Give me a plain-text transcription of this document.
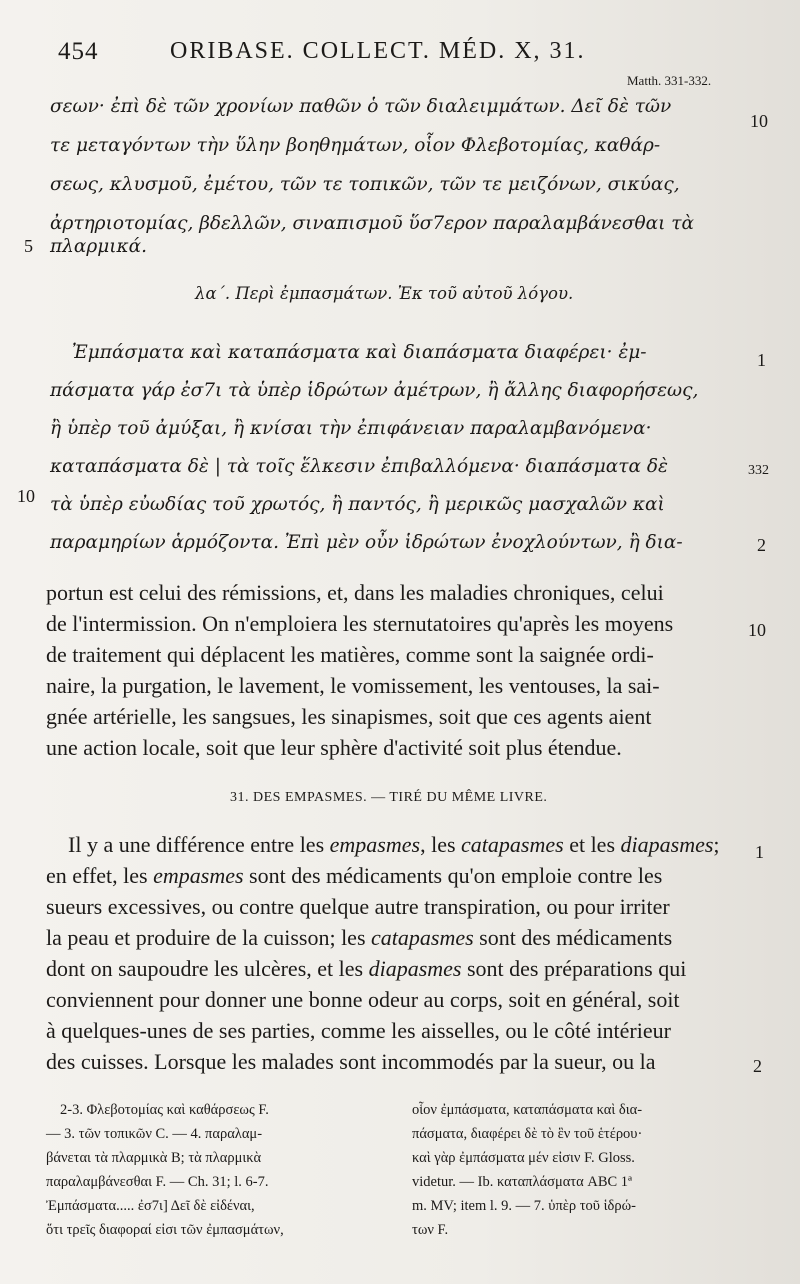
454	ORIBASE. COLLECT. MÉD. X, 31.
Matth. 331-332.
σεων· ἐπὶ δὲ τῶν χρονίων παθῶν ὁ τῶν διαλειμμάτων. Δεῖ δὲ τῶν
τε μεταγόντων τὴν ὕλην βοηθημάτων, οἷον Φλεβοτομίας, καθάρ-
σεως, κλυσμοῦ, ἐμέτου, τῶν τε τοπικῶν, τῶν τε μειζόνων, σικύας,
ἀρτηριοτομίας, βδελλῶν, σιναπισμοῦ ὕσ7ερον παραλαμβάνεσθαι τὰ
πλαρμικά.
10
5
λα΄. Περὶ ἐμπασμάτων. Ἐκ τοῦ αὐτοῦ λόγου.
Ἐμπάσματα καὶ καταπάσματα καὶ διαπάσματα διαφέρει· ἐμ-
πάσματα γάρ ἐσ7ι τὰ ὑπὲρ ἱδρώτων ἀμέτρων, ἢ ἄλλης διαφορήσεως,
ἢ ὑπὲρ τοῦ ἀμύξαι, ἢ κνίσαι τὴν ἐπιφάνειαν παραλαμβανόμενα·
καταπάσματα δὲ | τὰ τοῖς ἕλκεσιν ἐπιβαλλόμενα· διαπάσματα δὲ
τὰ ὑπὲρ εὐωδίας τοῦ χρωτός, ἢ παντός, ἢ μερικῶς μασχαλῶν καὶ
παραμηρίων ἁρμόζοντα. Ἐπὶ μὲν οὖν ἱδρώτων ἐνοχλούντων, ἢ δια-
1
332
10
2
portun est celui des rémissions, et, dans les maladies chroniques, celui
de l'intermission. On n'emploiera les sternutatoires qu'après les moyens
de traitement qui déplacent les matières, comme sont la saignée ordi-
naire, la purgation, le lavement, le vomissement, les ventouses, la sai-
gnée artérielle, les sangsues, les sinapismes, soit que ces agents aient
une action locale, soit que leur sphère d'activité soit plus étendue.
10
31. DES EMPASMES. — TIRÉ DU MÊME LIVRE.
Il y a une différence entre les empasmes, les catapasmes et les diapasmes;
en effet, les empasmes sont des médicaments qu'on emploie contre les
sueurs excessives, ou contre quelque autre transpiration, ou pour irriter
la peau et produire de la cuisson; les catapasmes sont des médicaments
dont on saupoudre les ulcères, et les diapasmes sont des préparations qui
conviennent pour donner une bonne odeur au corps, soit en général, soit
à quelques-unes de ses parties, comme les aisselles, ou le côté intérieur
des cuisses. Lorsque les malades sont incommodés par la sueur, ou la
1
2
2-3. Φλεβοτομίας καὶ καθάρσεως F.
— 3. τῶν τοπικῶν C. — 4. παραλαμ-
βάνεται τὰ πλαρμικὰ B; τὰ πλαρμικὰ
παραλαμβάνεσθαι F. — Ch. 31; l. 6-7.
Ἐμπάσματα..... ἐσ7ι] Δεῖ δὲ εἰδέναι,
ὅτι τρεῖς διαφοραί εἰσι τῶν ἐμπασμάτων,
οἷον ἐμπάσματα, καταπάσματα καὶ δια-
πάσματα, διαφέρει δὲ τὸ ἓν τοῦ ἑτέρου·
καὶ γὰρ ἐμπάσματα μέν εἰσιν F. Gloss.
videtur. — Ib. καταπλάσματα ABC 1ª
m. MV; item l. 9. — 7. ὑπὲρ τοῦ ἱδρώ-
των F.
